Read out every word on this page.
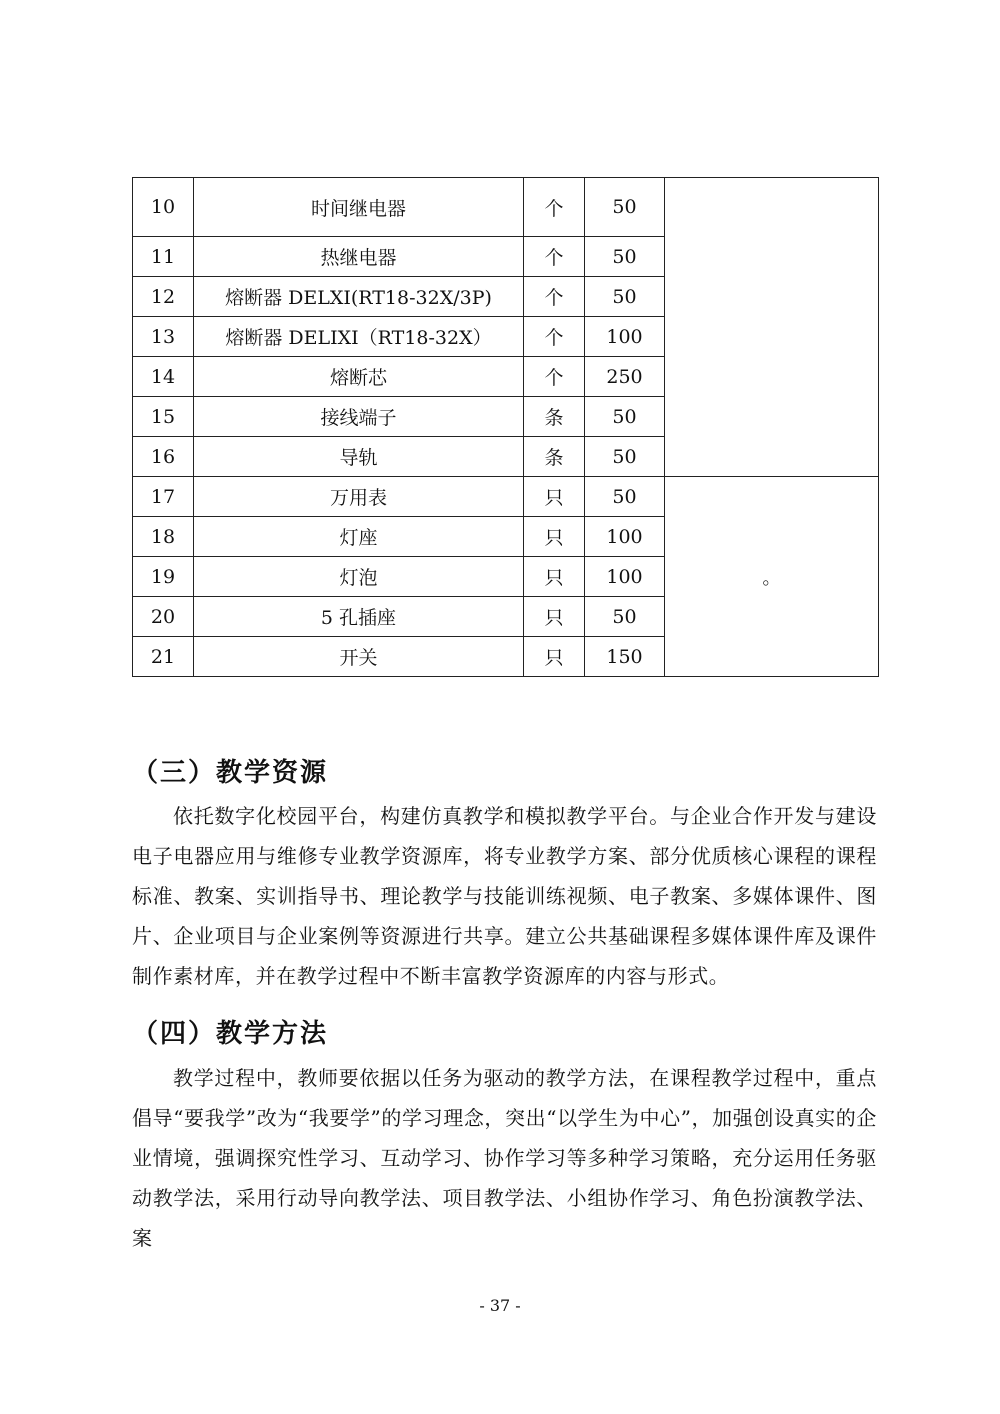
10	时间继电器	个	50	
11	热继电器	个	50	
12	熔断器 DELXI(RT18-32X/3P)	个	50	
13	熔断器 DELIXI（RT18-32X）	个	100	
14	熔断芯	个	250	
15	接线端子	条	50	
16	导轨	条	50	
17	万用表	只	50	。
18	灯座	只	100	
19	灯泡	只	100	
20	5 孔插座	只	50	
21	开关	只	150	
（三）教学资源

依托数字化校园平台，构建仿真教学和模拟教学平台。与企业合作开发与建设电子电器应用与维修专业教学资源库，将专业教学方案、部分优质核心课程的课程标准、教案、实训指导书、理论教学与技能训练视频、电子教案、多媒体课件、图片、企业项目与企业案例等资源进行共享。建立公共基础课程多媒体课件库及课件制作素材库，并在教学过程中不断丰富教学资源库的内容与形式。

（四）教学方法

教学过程中，教师要依据以任务为驱动的教学方法，在课程教学过程中，重点倡导“要我学”改为“我要学”的学习理念，突出“以学生为中心”，加强创设真实的企业情境，强调探究性学习、互动学习、协作学习等多种学习策略，充分运用任务驱动教学法，采用行动导向教学法、项目教学法、小组协作学习、角色扮演教学法、案

- 37 -
